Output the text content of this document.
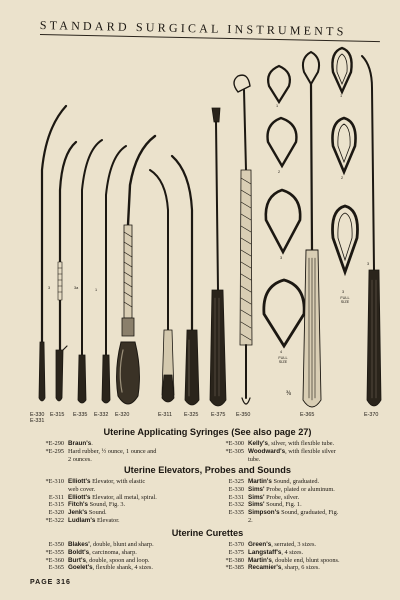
STANDARD SURGICAL INSTRUMENTS
3	3a	1
1
2
3
4
FULL
SIZE
1
2
3
FULL
SIZE
⅜
3
E-330
E-331
E-315 E-335 E-332 E-320	E-311 E-325 E-375 E-350	E-365	E-370
Uterine Applicating Syringes (See also page 27)
*E-290 Braun's.
*E-295 Hard rubber, ½ ounce, 1 ounce and
2 ounces.
*E-300 Kelly's, silver, with flexible tube.
*E-305 Woodward's, with flexible silver
tube.
Uterine Elevators, Probes and Sounds
*E-310 Elliott's Elevator, with elastic
web cover.
E-311 Elliott's Elevator, all metal, spiral.
E-315 Fitch's Sound, Fig. 3.
E-320 Jenk's Sound.
*E-322 Ludlam's Elevator.
E-325 Martin's Sound, graduated.
E-330 Sims' Probe, plated or aluminum.
E-331 Sims' Probe, silver.
E-332 Sims' Sound, Fig. 1.
E-335 Simpson's Sound, graduated, Fig.
2.
Uterine Curettes
E-350 Blakes', double, blunt and sharp.
*E-355 Boldt's, carcinoma, sharp.
*E-360 Burt's, double, spoon and loop.
E-365 Goelet's, flexible shank, 4 sizes.
E-370 Green's, serrated, 3 sizes.
E-375 Langstaff's, 4 sizes.
*E-380 Martin's, double end, blunt spoons.
*E-385 Recamier's, sharp, 6 sizes.
PAGE 316
